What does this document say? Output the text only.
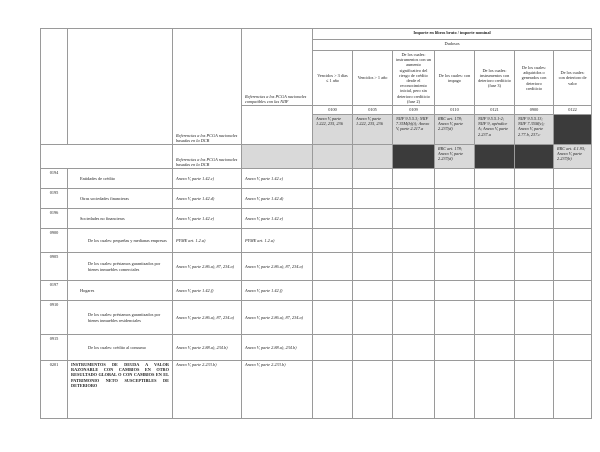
		Referencias a los PCGA nacionales basadas en la DCB	Referencias a los PCGA nacionales compatibles con las NIIF	Importe en libros bruto / importe nominal						
				Dudosos						
				Vencidos > 3 días ≤ 1 año	Vencidos > 1 año	De los cuales: instrumentos con un aumento significativo del riesgo de crédito desde el reconocimiento inicial, pero sin deterioro crediticio (fase 2)	De los cuales: con impago	De los cuales: instrumentos con deterioro crediticio (fase 3)	De los cuales: adquiridos o generados con deterioro crediticio	De los cuales: con deterioro de valor
				0100	0105	0109	0110	0121	0900	0122
				Anexo V, parte 1.222, 235, 236	Anexo V, parte 1.222, 235, 236	NIIF 9.5.5.3; NIIF 7.35M(b)(i); Anexo V, parte 2.217.a	RRC art. 178; Anexo V, parte 2.237(d)	NIIF 9.5.5.1-2; NIIF 9, apéndice A; Anexo V, parte 2.237.a	NIIF 9.5.5.13; NIIF 7.35M(c); Anexo V, parte 2.77.b, 237.c	
		Referencias a los PCGA nacionales basadas en la DCB					RRC art. 178; Anexo V, parte 2.237(d)			RRC art. 4.1.95; Anexo V, parte 2.237(b)
0194	Entidades de crédito	Anexo V, parte 1.42.c)	Anexo V, parte 1.42.c)							
0195	Otras sociedades financieras	Anexo V, parte 1.42.d)	Anexo V, parte 1.42.d)							
0196	Sociedades no financieras	Anexo V, parte 1.42.e)	Anexo V, parte 1.42.e)							
0900	De los cuales: pequeñas y medianas empresas	PYME art. 1.2.a)	PYME art. 1.2.a)							
0905	De los cuales: préstamos garantizados por bienes inmuebles comerciales	Anexo V, parte 2.86.a), 87, 234.a)	Anexo V, parte 2.86.a), 87, 234.a)							
0197	Hogares	Anexo V, parte 1.42.f)	Anexo V, parte 1.42.f)							
0910	De los cuales: préstamos garantizados por bienes inmuebles residenciales	Anexo V, parte 2.86.a), 87, 234.a)	Anexo V, parte 2.86.a), 87, 234.a)							
0915	De los cuales: crédito al consumo	Anexo V, parte 2.88.a), 234.b)	Anexo V, parte 2.88.a), 234.b)							
0201	INSTRUMENTOS DE DEUDA A VALOR RAZONABLE CON CAMBIOS EN OTRO RESULTADO GLOBAL O CON CAMBIOS EN EL PATRIMONIO NETO SUSCEPTIBLES DE DETERIORO	Anexo V, parte 2.233.b)	Anexo V, parte 2.233.b)							
